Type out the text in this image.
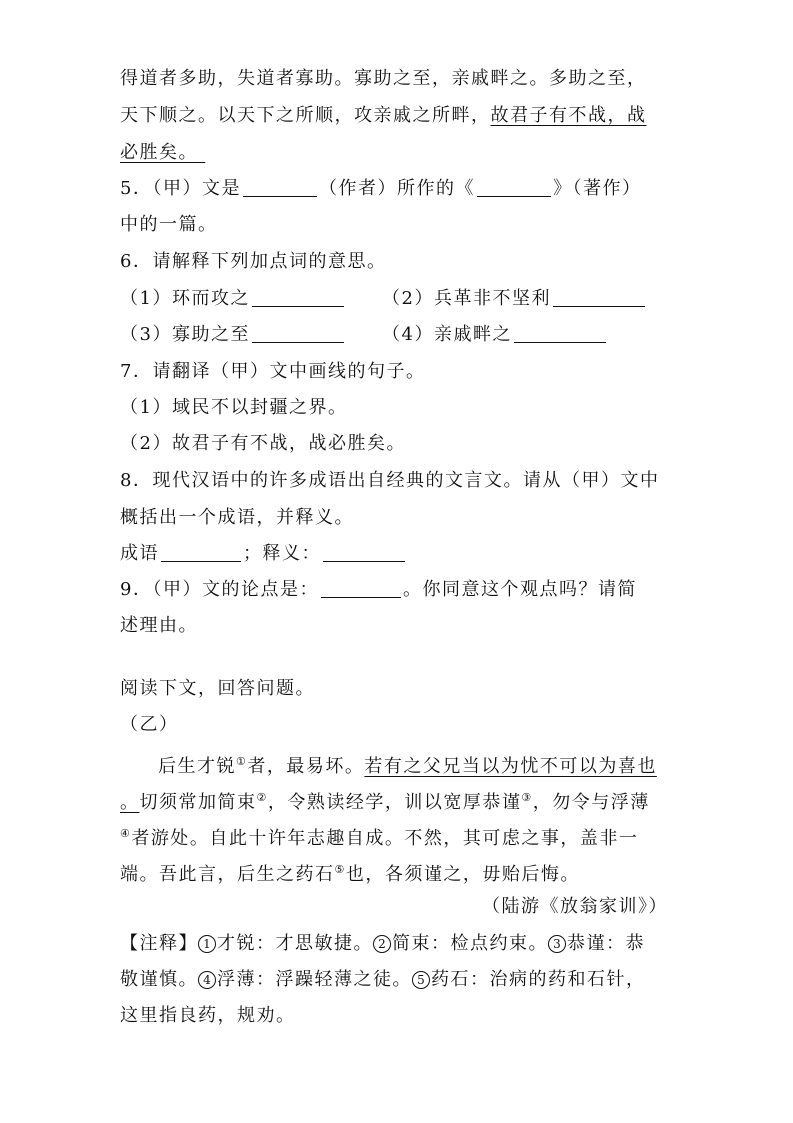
得道者多助，失道者寡助。寡助之至，亲戚畔之。多助之至，
天下顺之。以天下之所顺，攻亲戚之所畔，故君子有不战，战
必胜矣。
5．（甲）文是	（作者）所作的《	》（著作）
中的一篇。
6．请解释下列加点词的意思。
（1）环而攻之	（2）兵革非不坚利
（3）寡助之至	（4）亲戚畔之
7．请翻译（甲）文中画线的句子。
（1）域民不以封疆之界。
（2）故君子有不战，战必胜矣。
8．现代汉语中的许多成语出自经典的文言文。请从（甲）文中
概括出一个成语，并释义。
成语	；释义：
9．（甲）文的论点是：	。你同意这个观点吗？请简
述理由。
阅读下文，回答问题。
（乙）
后生才锐①者，最易坏。若有之父兄当以为忧不可以为喜也
。切须常加简束②，令熟读经学，训以宽厚恭谨③，勿令与浮薄
④者游处。自此十许年志趣自成。不然，其可虑之事，盖非一
端。吾此言，后生之药石⑤也，各须谨之，毋贻后悔。
（陆游《放翁家训》）
【注释】 1 才锐：才思敏捷。 2 简束：检点约束。 3 恭谨：恭
敬谨慎。 4 浮薄：浮躁轻薄之徒。 5 药石：治病的药和石针，
这里指良药，规劝。
